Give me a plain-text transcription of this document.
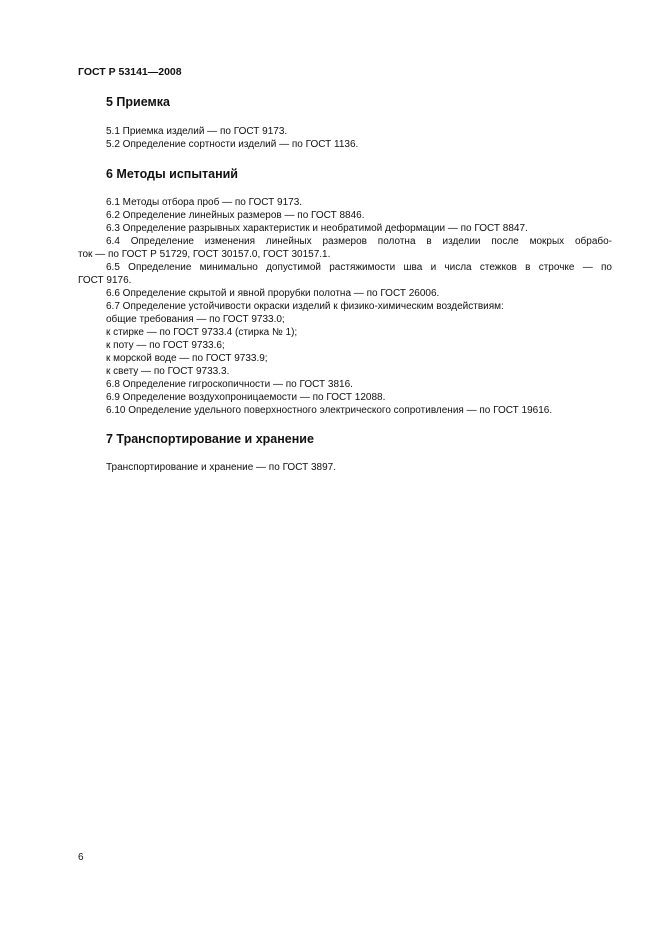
ГОСТ Р 53141—2008
5 Приемка
5.1 Приемка изделий — по ГОСТ 9173.
5.2 Определение сортности изделий — по ГОСТ 1136.
6 Методы испытаний
6.1 Методы отбора проб — по ГОСТ 9173.
6.2 Определение линейных размеров — по ГОСТ 8846.
6.3 Определение разрывных характеристик и необратимой деформации — по ГОСТ 8847.
6.4 Определение изменения линейных размеров полотна в изделии после мокрых обрабо-
ток — по ГОСТ Р 51729, ГОСТ 30157.0, ГОСТ 30157.1.
6.5 Определение минимально допустимой растяжимости шва и числа стежков в строчке — по
ГОСТ 9176.
6.6 Определение скрытой и явной прорубки полотна — по ГОСТ 26006.
6.7 Определение устойчивости окраски изделий к физико-химическим воздействиям:
общие требования — по ГОСТ 9733.0;
к стирке — по ГОСТ 9733.4 (стирка № 1);
к поту — по ГОСТ 9733.6;
к морской воде — по ГОСТ 9733.9;
к свету — по ГОСТ 9733.3.
6.8 Определение гигроскопичности — по ГОСТ 3816.
6.9 Определение воздухопроницаемости — по ГОСТ 12088.
6.10 Определение удельного поверхностного электрического сопротивления — по ГОСТ 19616.
7 Транспортирование и хранение
Транспортирование и хранение — по ГОСТ 3897.
6
